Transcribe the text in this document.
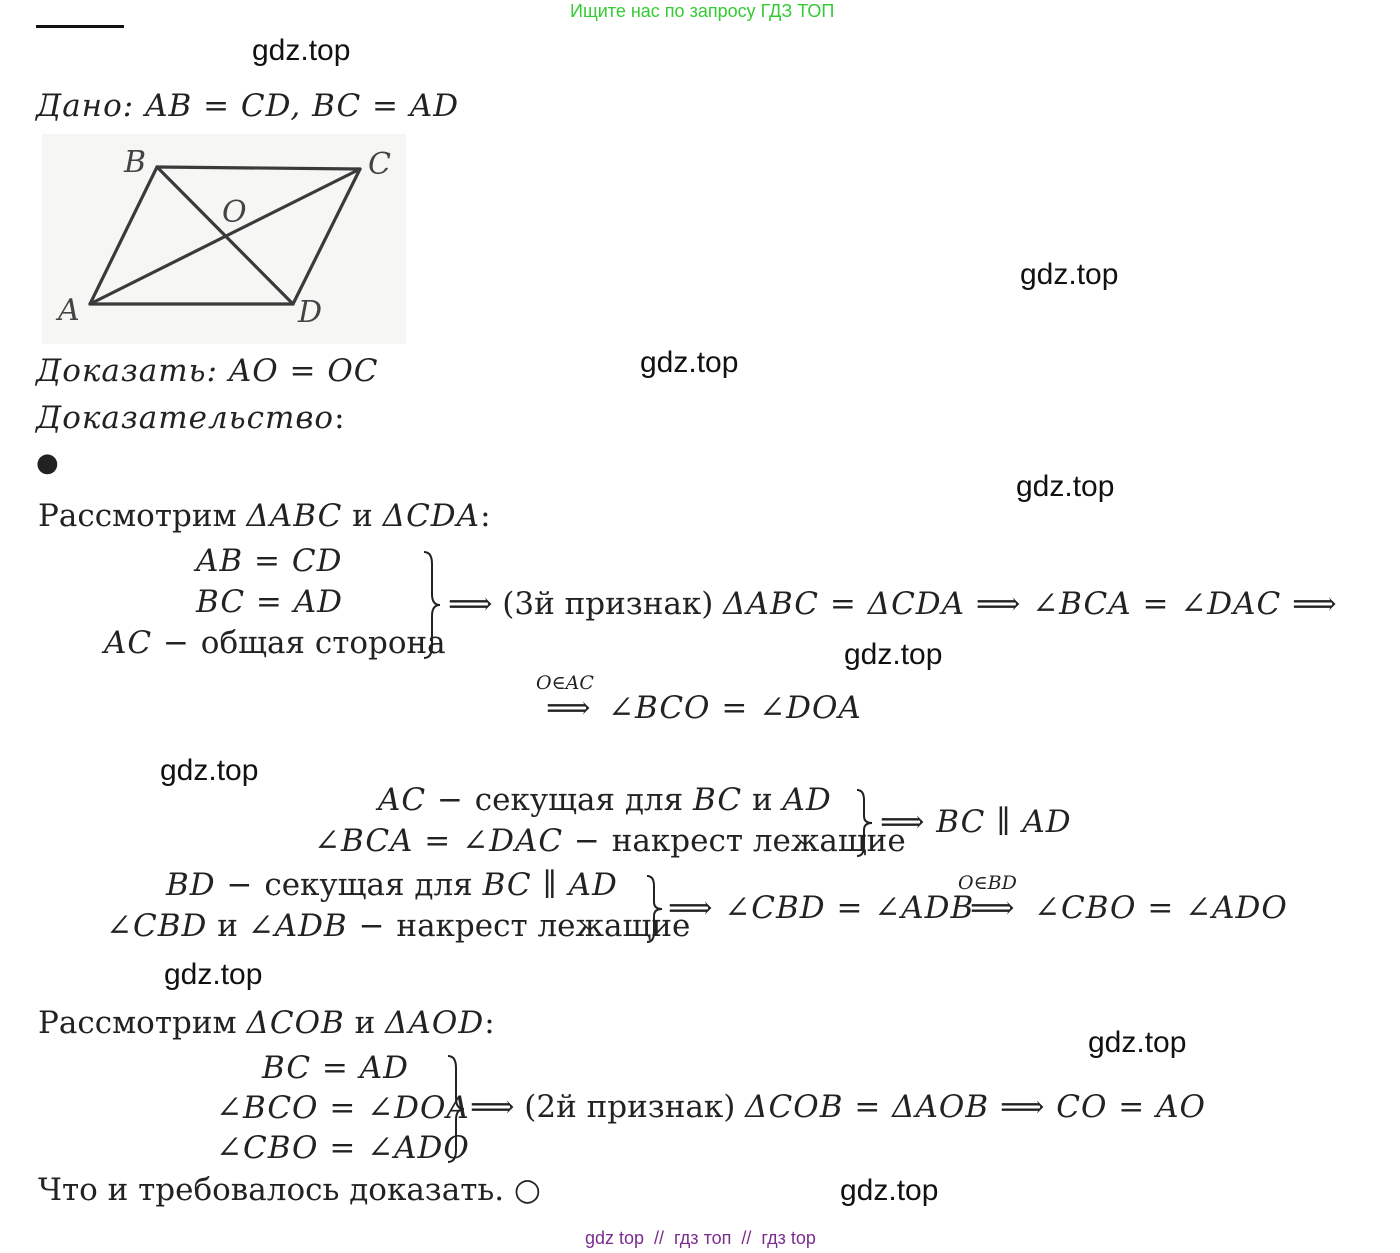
Ищите нас по запросу ГДЗ ТОП
gdz.top
gdz.top
gdz.top
gdz.top
gdz.top
gdz.top
gdz.top
gdz.top
gdz.top
Дано: AB = CD, BC = AD
B	C
O
A	D
Доказать: AO = OC
Доказательство:
●
Рассмотрим ΔABC и ΔCDA:
AB = CD
BC = AD
AC − общая сторона
⟹ (3й признак) ΔABC = ΔCDA ⟹ ∠BCA = ∠DAC ⟹
O∈AC
⟹ ∠BCO = ∠DOA
AC − секущая для BC и AD
∠BCA = ∠DAC − накрест лежащие
⟹ BC ∥ AD
BD − секущая для BC ∥ AD
∠CBD и ∠ADB − накрест лежащие
⟹ ∠CBD = ∠ADB
O∈BD
⟹ ∠CBO = ∠ADO
Рассмотрим ΔCOB и ΔAOD:
BC = AD
∠BCO = ∠DOA
∠CBO = ∠ADO
⟹ (2й признак) ΔCOB = ΔAOB ⟹ CO = AO
Что и требовалось доказать. ○
gdz top  //  гдз топ  //  гдз top
